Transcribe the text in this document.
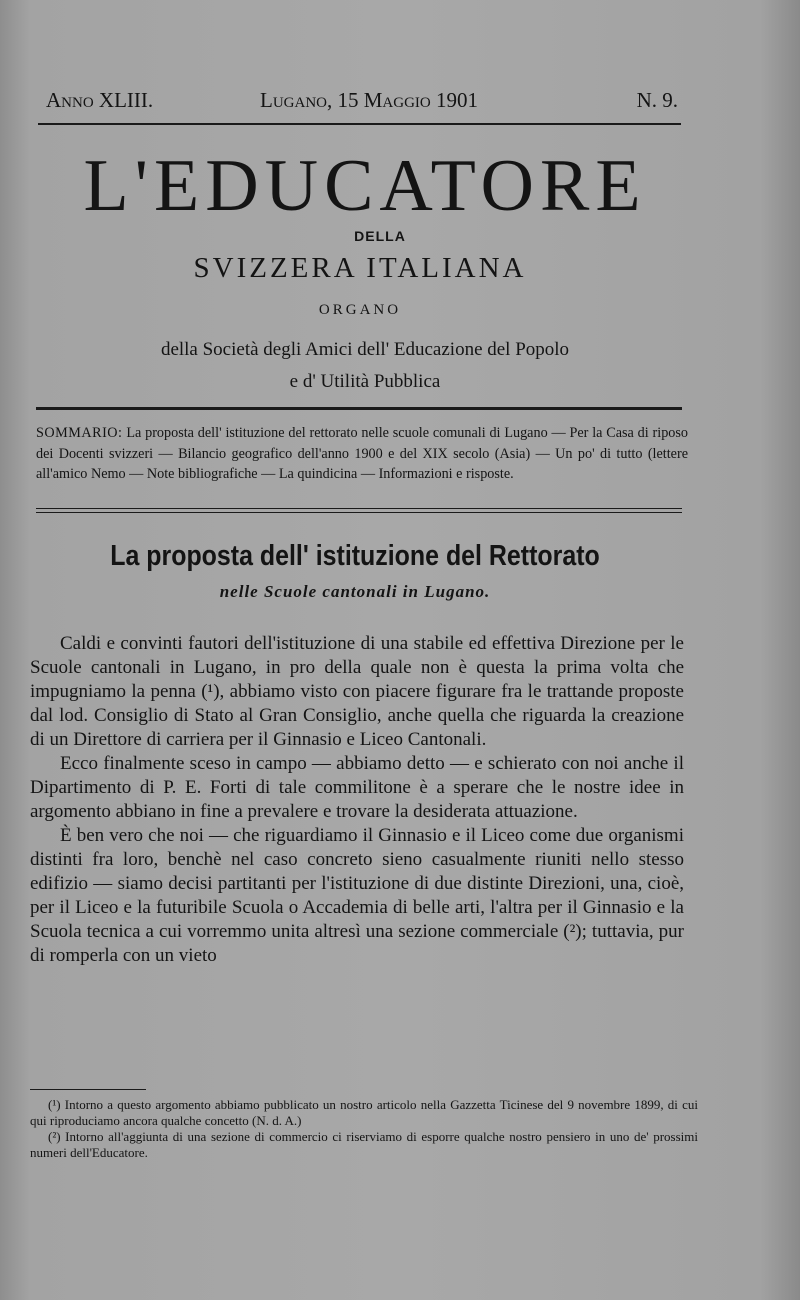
Anno XLIII.	Lugano, 15 Maggio 1901	N. 9.
L'EDUCATORE
DELLA
SVIZZERA ITALIANA
ORGANO
della Società degli Amici dell' Educazione del Popolo
e d' Utilità Pubblica
SOMMARIO: La proposta dell' istituzione del rettorato nelle scuole comunali di Lugano — Per la Casa di riposo dei Docenti svizzeri — Bilancio geografico dell'anno 1900 e del XIX secolo (Asia) — Un po' di tutto (lettere all'amico Nemo — Note bibliografiche — La quindicina — Informazioni e risposte.
La proposta dell' istituzione del Rettorato
nelle Scuole cantonali in Lugano.

Caldi e convinti fautori dell'istituzione di una stabile ed effettiva Direzione per le Scuole cantonali in Lugano, in pro della quale non è questa la prima volta che impugniamo la penna (¹), abbiamo visto con piacere figurare fra le trattande proposte dal lod. Consiglio di Stato al Gran Consiglio, anche quella che riguarda la creazione di un Direttore di carriera per il Ginnasio e Liceo Cantonali.

Ecco finalmente sceso in campo — abbiamo detto — e schierato con noi anche il Dipartimento di P. E. Forti di tale commilitone è a sperare che le nostre idee in argomento abbiano in fine a prevalere e trovare la desiderata attuazione.

È ben vero che noi — che riguardiamo il Ginnasio e il Liceo come due organismi distinti fra loro, benchè nel caso concreto sieno casualmente riuniti nello stesso edifizio — siamo decisi partitanti per l'istituzione di due distinte Direzioni, una, cioè, per il Liceo e la futuribile Scuola o Accademia di belle arti, l'altra per il Ginnasio e la Scuola tecnica a cui vorremmo unita altresì una sezione commerciale (²); tuttavia, pur di romperla con un vieto

(¹) Intorno a questo argomento abbiamo pubblicato un nostro articolo nella Gazzetta Ticinese del 9 novembre 1899, di cui qui riproduciamo ancora qualche concetto (N. d. A.)

(²) Intorno all'aggiunta di una sezione di commercio ci riserviamo di esporre qualche nostro pensiero in uno de' prossimi numeri dell'Educatore.
